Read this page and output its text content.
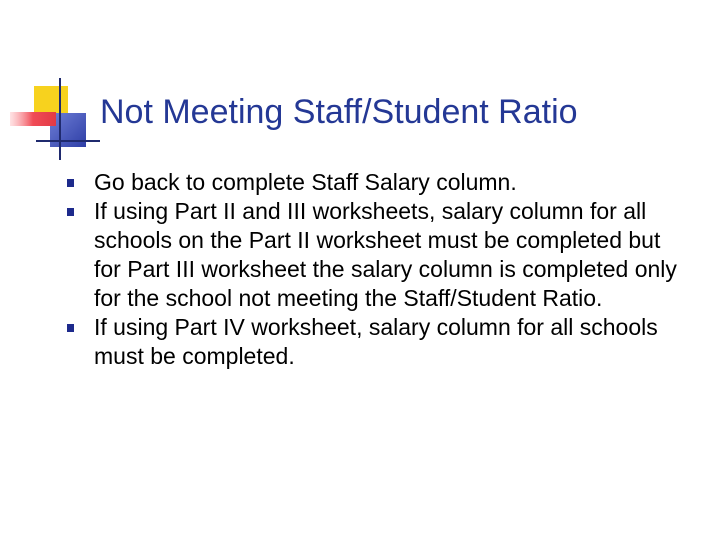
Not Meeting Staff/Student Ratio
Go back to complete Staff Salary column.
If using Part II and III worksheets, salary column for all schools on the Part II worksheet must be completed but for Part III worksheet the salary column is completed only for the school not meeting the Staff/Student Ratio.
If using Part IV worksheet, salary column for all schools must be completed.
